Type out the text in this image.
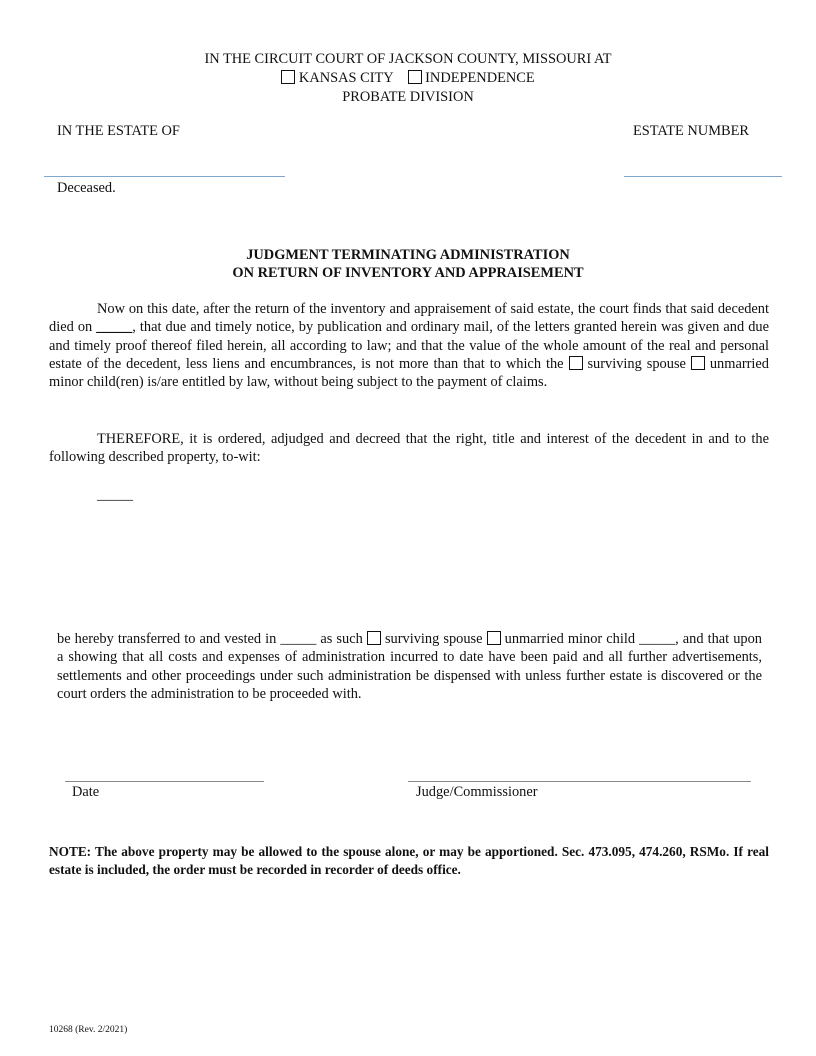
IN THE CIRCUIT COURT OF JACKSON COUNTY, MISSOURI AT
KANSAS CITY INDEPENDENCE
PROBATE DIVISION
IN THE ESTATE OF	ESTATE NUMBER
Deceased.
JUDGMENT TERMINATING ADMINISTRATION
ON RETURN OF INVENTORY AND APPRAISEMENT
Now on this date, after the return of the inventory and appraisement of said estate, the court finds that said decedent died on _____, that due and timely notice, by publication and ordinary mail, of the letters granted herein was given and due and timely proof thereof filed herein, all according to law; and that the value of the whole amount of the real and personal estate of the decedent, less liens and encumbrances, is not more than that to which the  surviving spouse unmarried minor child(ren) is/are entitled by law, without being subject to the payment of claims.
THEREFORE, it is ordered, adjudged and decreed that the right, title and interest of the decedent in and to the following described property, to-wit:
_____
be hereby transferred to and vested in _____ as such  surviving spouse unmarried minor child _____, and that upon a showing that all costs and expenses of administration incurred to date have been paid and all further advertisements, settlements and other proceedings under such administration be dispensed with unless further estate is discovered or the court orders the administration to be proceeded with.
Date	Judge/Commissioner
NOTE: The above property may be allowed to the spouse alone, or may be apportioned. Sec. 473.095, 474.260, RSMo. If real estate is included, the order must be recorded in recorder of deeds office.
10268 (Rev. 2/2021)
